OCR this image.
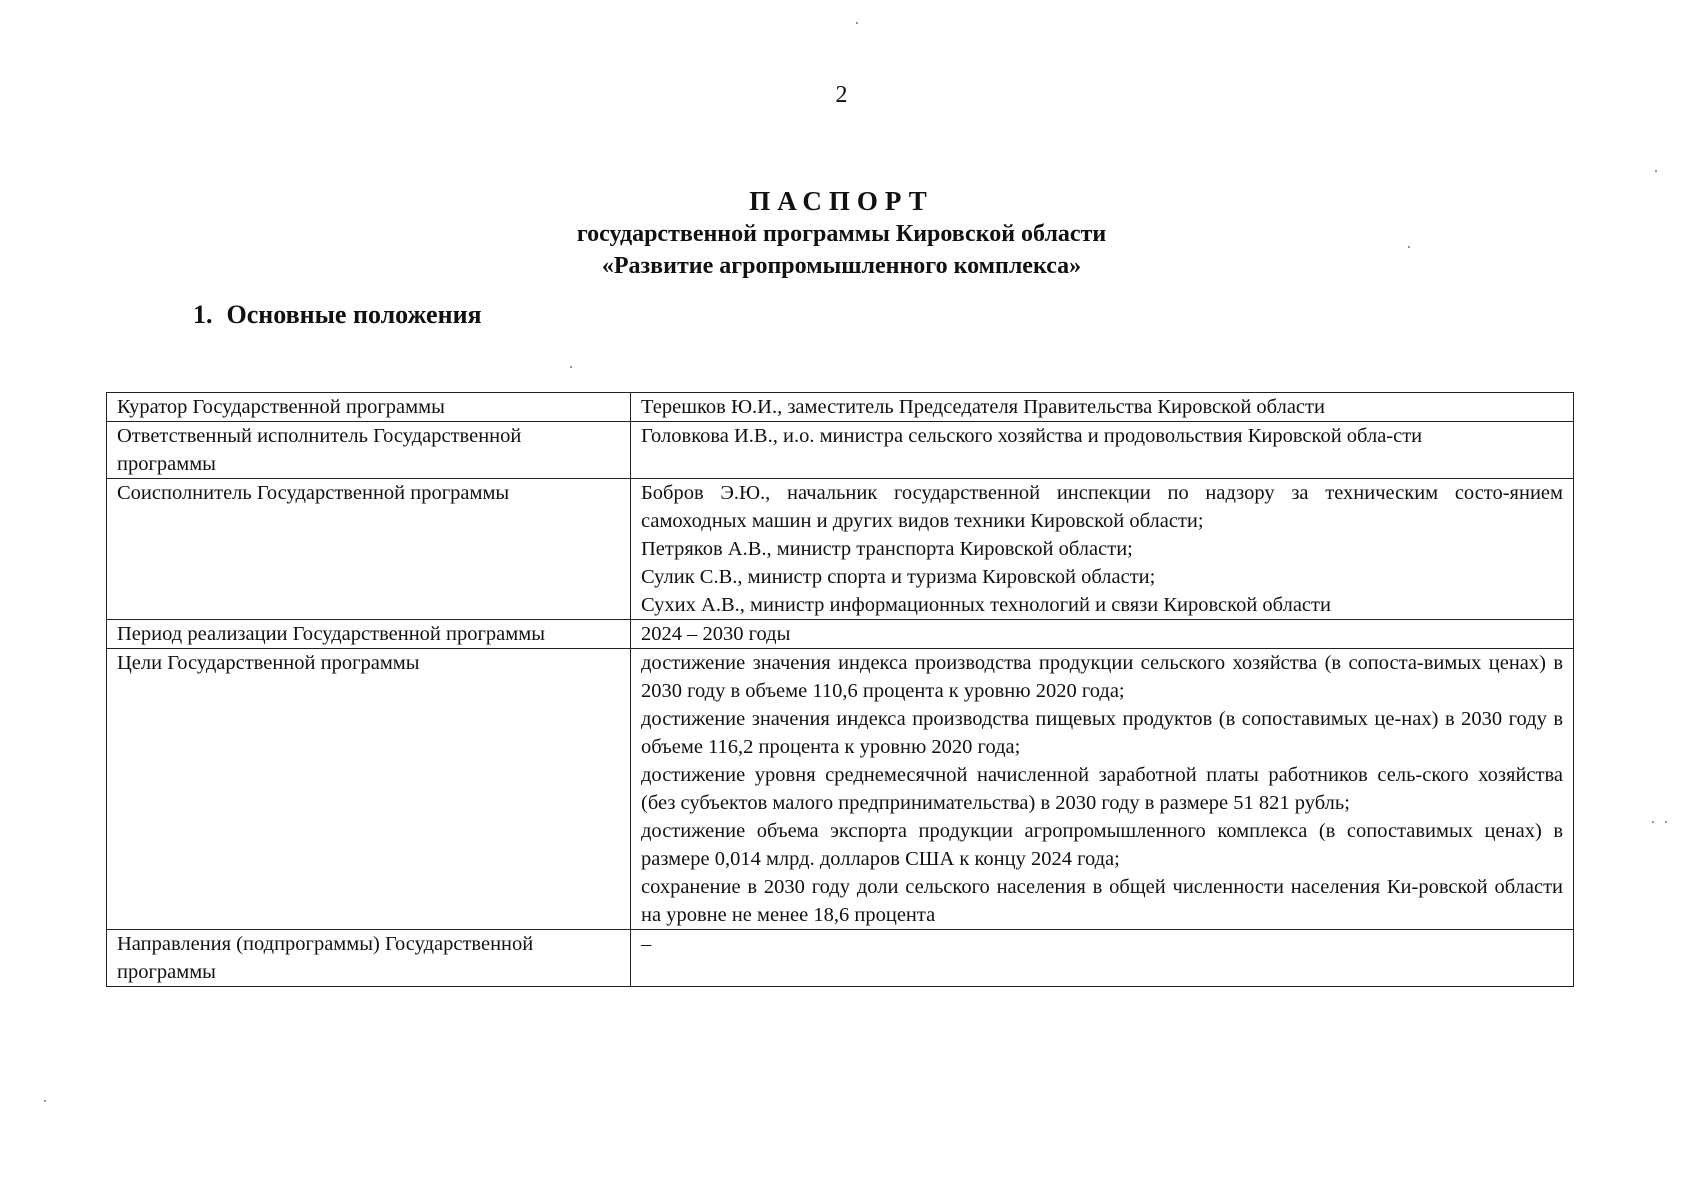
2
ПАСПОРТ
государственной программы Кировской области
«Развитие агропромышленного комплекса»
1. Основные положения
Куратор Государственной программы	Терешков Ю.И., заместитель Председателя Правительства Кировской области

Ответственный исполнитель Государственной программы	Головкова И.В., и.о. министра сельского хозяйства и продовольствия Кировской обла-сти

Соисполнитель Государственной программы	Бобров Э.Ю., начальник государственной инспекции по надзору за техническим состо-янием самоходных машин и других видов техники Кировской области;
Петряков А.В., министр транспорта Кировской области;
Сулик С.В., министр спорта и туризма Кировской области;
Сухих А.В., министр информационных технологий и связи Кировской области

Период реализации Государственной программы	2024 – 2030 годы

Цели Государственной программы	достижение значения индекса производства продукции сельского хозяйства (в сопоста-вимых ценах) в 2030 году в объеме 110,6 процента к уровню 2020 года;
достижение значения индекса производства пищевых продуктов (в сопоставимых це-нах) в 2030 году в объеме 116,2 процента к уровню 2020 года;
достижение уровня среднемесячной начисленной заработной платы работников сель-ского хозяйства (без субъектов малого предпринимательства) в 2030 году в размере 51 821 рубль;
достижение объема экспорта продукции агропромышленного комплекса (в сопоставимых ценах) в размере 0,014 млрд. долларов США к концу 2024 года;
сохранение в 2030 году доли сельского населения в общей численности населения Ки-ровской области на уровне не менее 18,6 процента

Направления (подпрограммы) Государственной программы	–
